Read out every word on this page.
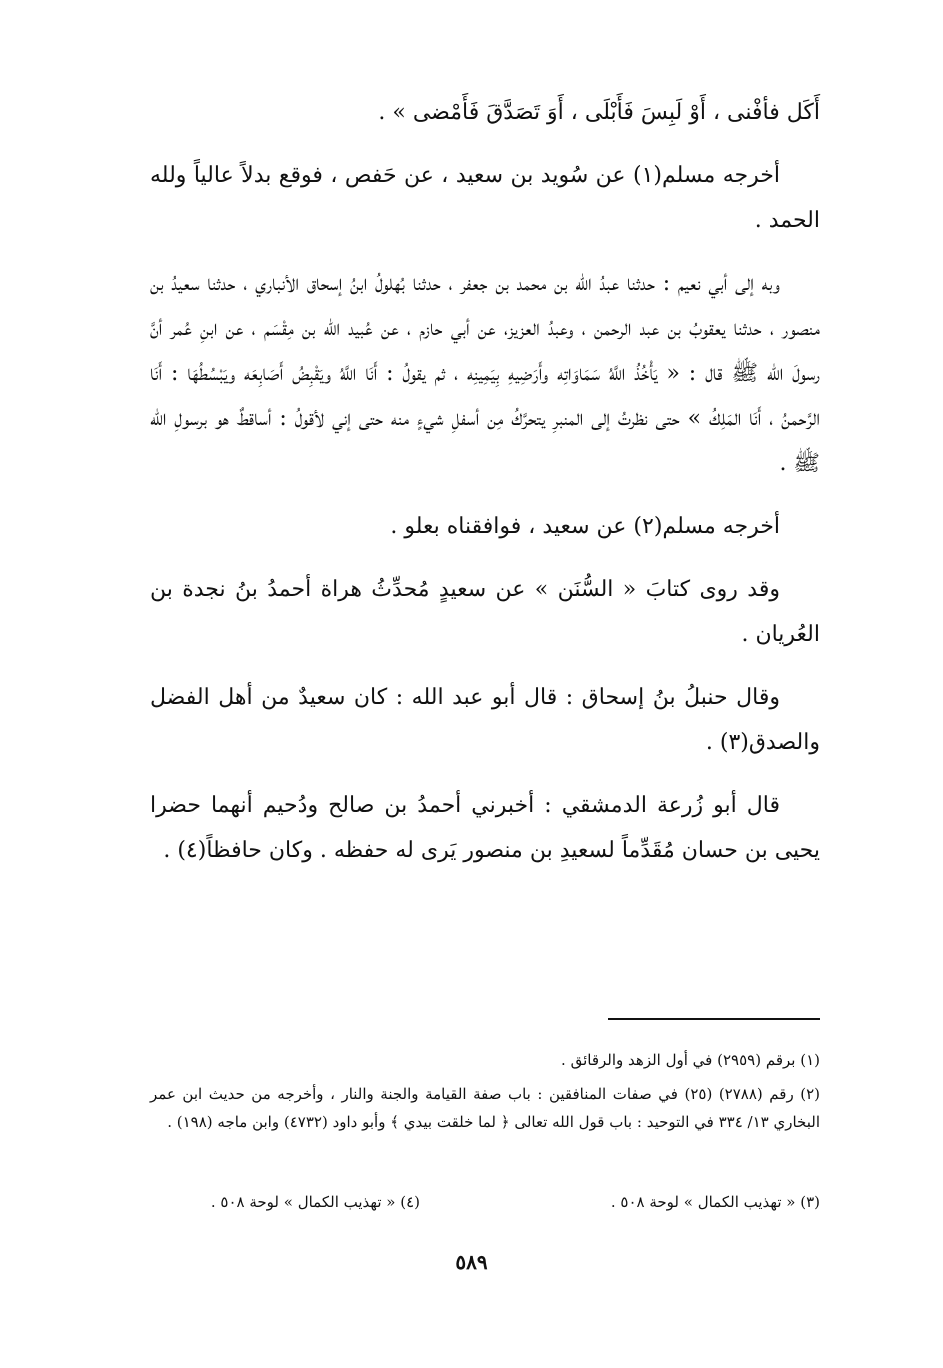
أَكَل فأفْنى ، أَوْ لَبِسَ فَأَبْلَى ، أَوَ تَصَدَّقَ فَأَمْضى » .

أخرجه مسلم(١) عن سُويد بن سعيد ، عن حَفص ، فوقع بدلاً عالياً ولله الحمد .

وبه إلى أبي نعيم : حدثنا عبدُ الله بن محمد بن جعفر ، حدثنا بُهلولُ ابنُ إسحاق الأنباري ، حدثنا سعيدُ بن منصور ، حدثنا يعقوبُ بن عبد الرحمن ، وعبدُ العزيز، عن أبي حازم ، عن عُبيد الله بن مِقْسَم ، عن ابنِ عُمر أنَّ رسولَ الله ﷺ قال : « يَأْخُذُ اللَّهُ سَمَاوَاتِه وأَرَضِيهِ بِيَمِينِه ، ثم يقولُ : أَنَا اللَّهُ ويَقْبِضُ أَصَابِعَه ويَبْسُطُهَا : أَنَا الرَّحمنُ ، أَنَا المَلِكُ » حتى نظرتُ إلى المنبرِ يتحرَّكُ مِن أسفلِ شيءٍ منه حتى إني لأقولُ : أساقطٌ هو برسولِ الله ﷺ .

أخرجه مسلم(٢) عن سعيد ، فوافقناه بعلو .

وقد روى كتابَ « السُّنَن » عن سعيدٍ مُحدِّثُ هراة أحمدُ بنُ نجدة بن العُريان .

وقال حنبلُ بنُ إسحاق : قال أبو عبد الله : كان سعيدٌ من أهل الفضل والصدق(٣) .

قال أبو زُرعة الدمشقي : أخبرني أحمدُ بن صالح ودُحيم أنهما حضرا يحيى بن حسان مُقَدِّماً لسعيدِ بن منصور يَرى له حفظه . وكان حافظاً(٤) .

(١) برقم (٢٩٥٩) في أول الزهد والرقائق .
(٢) رقم (٢٧٨٨) (٢٥) في صفات المنافقين : باب صفة القيامة والجنة والنار ، وأخرجه من حديث ابن عمر البخاري ١٣/ ٣٣٤ في التوحيد : باب قول الله تعالى ﴿ لما خلقت بيدي ﴾ وأبو داود (٤٧٣٢) وابن ماجه (١٩٨) .
(٣) « تهذيب الكمال » لوحة ٥٠٨ .
(٤) « تهذيب الكمال » لوحة ٥٠٨ .
٥٨٩
